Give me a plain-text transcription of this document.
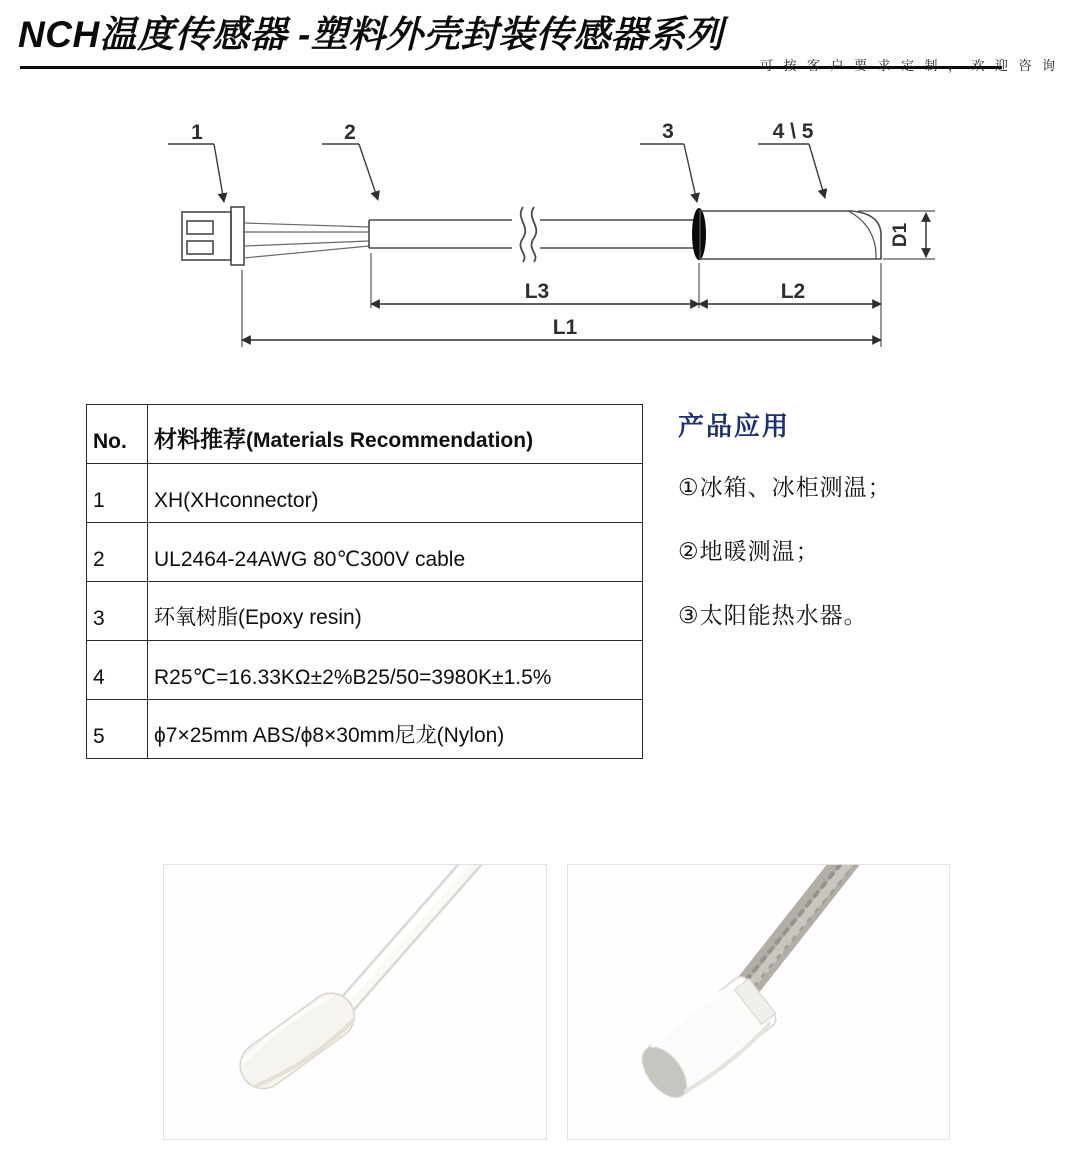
NCH温度传感器 -塑料外壳封装传感器系列
可按客户要求定制，欢迎咨询
1	2	3	4 \ 5
L3	L2
L1
D1
No.	材料推荐(Materials Recommendation)
1	XH(XHconnector)
2	UL2464-24AWG 80℃300V cable
3	环氧树脂(Epoxy resin)
4	R25℃=16.33KΩ±2%B25/50=3980K±1.5%
5	ϕ7×25mm ABS/ϕ8×30mm尼龙(Nylon)
产品应用
①冰箱、冰柜测温；
②地暖测温；
③太阳能热水器。
